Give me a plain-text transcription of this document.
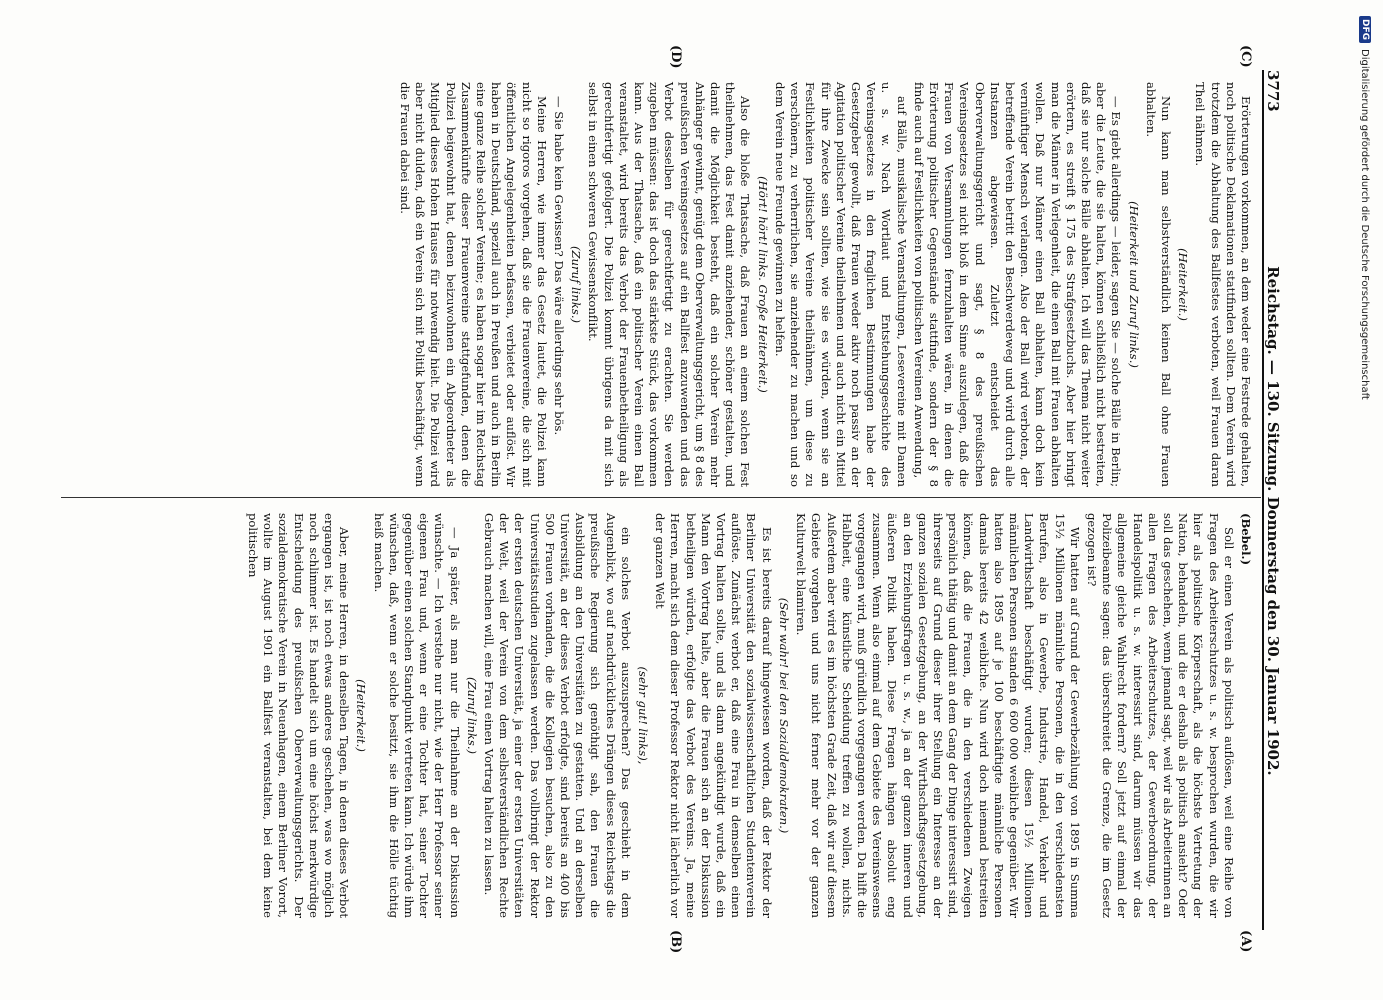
DFG
Digitalisierung gefördert durch die Deutsche Forschungsgemeinschaft
3773
Reichstag. — 130. Sitzung. Donnerstag den 30. Januar 1902.
(C)
(D)
(A)
(B)

Erörterungen vorkommen, an dem weder eine Festrede gehalten, noch politische Deklamationen stattfinden sollten. Dem Verein wird trotzdem die Abhaltung des Ballfestes verboten, weil Frauen daran Theil nähmen.

(Heiterkeit.)

Nun kann man selbstverständlich keinen Ball ohne Frauen abhalten.

(Heiterkeit und Zuruf links.)

— Es giebt allerdings — leider, sagen Sie — solche Bälle in Berlin; aber die Leute, die sie halten, können schließlich nicht bestreiten, daß sie nur solche Bälle abhalten. Ich will das Thema nicht weiter erörtern, es streift § 175 des Strafgesetzbuchs. Aber hier bringt man die Männer in Verlegenheit, die einen Ball mit Frauen abhalten wollen. Daß nur Männer einen Ball abhalten, kann doch kein vernünftiger Mensch verlangen. Also der Ball wird verboten, der betreffende Verein betritt den Beschwerdeweg und wird durch alle Instanzen abgewiesen. Zuletzt entscheidet das Oberverwaltungsgericht und sagt, § 8 des preußischen Vereinsgesetzes sei nicht bloß in dem Sinne auszulegen, daß die Frauen von Versammlungen fernzuhalten wären, in denen die Erörterung politischer Gegenstände stattfinde, sondern der § 8 finde auch auf Festlichkeiten von politischen Vereinen Anwendung,

auf Bälle, musikalische Veranstaltungen, Lesevereine mit Damen u. s. w. Nach Wortlaut und Entstehungsgeschichte des Vereinsgesetzes in den fraglichen Bestimmungen habe der Gesetzgeber gewollt, daß Frauen weder aktiv noch passiv an der Agitation politischer Vereine theilnehmen und auch nicht ein Mittel für ihre Zwecke sein sollten, wie sie es würden, wenn sie an Festlichkeiten politischer Vereine theilnähmen, um diese zu verschönern, zu verherrlichen, sie anziehender zu machen und so dem Verein neue Freunde gewinnen zu helfen.

(Hört! hört! links. Große Heiterkeit.)

Also die bloße Thatsache, daß Frauen an einem solchen Fest theilnehmen, das Fest damit anziehender, schöner gestalten, und damit die Möglichkeit besteht, daß ein solcher Verein mehr Anhänger gewinnt, genügt dem Oberverwaltungsgericht, um § 8 des preußischen Vereinsgesetzes auf ein Ballfest anzuwenden und das Verbot desselben für gerechtfertigt zu erachten. Sie werden zugeben müssen: das ist doch das stärkste Stück, das vorkommen kann. Aus der Thatsache, daß ein politischer Verein einen Ball veranstaltet, wird bereits das Verbot der Frauenbetheiligung als gerechtfertigt gefolgert. Die Polizei kommt übrigens da mit sich selbst in einen schweren Gewissenskonflikt.

(Zuruf links.)

— Sie habe kein Gewissen? Das wäre allerdings sehr bös.

Meine Herren, wie immer das Gesetz lautet, die Polizei kann nicht so rigoros vorgehen, daß sie die Frauenvereine, die sich mit öffentlichen Angelegenheiten befassen, verbietet oder auflöst. Wir haben in Deutschland, speziell auch in Preußen und auch in Berlin eine ganze Reihe solcher Vereine; es haben sogar hier im Reichstag Zusammenkünfte dieser Frauenvereine stattgefunden, denen die Polizei beigewohnt hat, denen beizuwohnen ein Abgeordneter als Mitglied dieses Hohen Hauses für notwendig hielt. Die Polizei wird aber nicht dulden, daß ein Verein sich mit Politik beschäftigt, wenn die Frauen dabei sind.

(Bebel.)

Soll er einen Verein als politisch auflösen, weil eine Reihe von Fragen des Arbeiterschutzes u. s. w. besprochen wurden, die wir hier als politische Körperschaft, als die höchste Vertretung der Nation, behandeln, und die er deshalb als politisch ansieht? Oder soll das geschehen, wenn jemand sagt, weil wir als Arbeiterinnen an allen Fragen des Arbeiterschutzes, der Gewerbeordnung, der Handelspolitik u. s. w. interessirt sind, darum müssen wir das allgemeine gleiche Wahlrecht fordern? Soll jetzt auf einmal der Polizeibeamte sagen: das überschreitet die Grenze, die im Gesetz gezogen ist?

Wir hatten auf Grund der Gewerbezählung von 1895 in Summa 15½ Millionen männliche Personen, die in den verschiedensten Berufen, also in Gewerbe, Industrie, Handel, Verkehr und Landwirthschaft beschäftigt wurden; diesen 15½ Millionen männlichen Personen standen 6 600 000 weibliche gegenüber. Wir hatten also 1895 auf je 100 beschäftigte männliche Personen damals bereits 42 weibliche. Nun wird doch niemand bestreiten können, daß die Frauen, die in den verschiedenen Zweigen persönlich thätig und damit an dem Gang der Dinge interessirt sind, ihrerseits auf Grund dieser ihrer Stellung ein Interesse an der ganzen sozialen Gesetzgebung, an der Wirthschaftsgesetzgebung, an den Erziehungsfragen u. s. w., ja an der ganzen inneren und äußeren Politik haben. Diese Fragen hängen absolut eng zusammen. Wenn also einmal auf dem Gebiete des Vereinswesens vorgegangen wird, muß gründlich vorgegangen werden. Da hilft die Halbheit, eine künstliche Scheidung treffen zu wollen, nichts. Außerdem aber wird es im höchsten Grade Zeit, daß wir auf diesem Gebiete vorgehen und uns nicht ferner mehr vor der ganzen Kulturwelt blamiren.

(Sehr wahr! bei den Sozialdemokraten.)

Es ist bereits darauf hingewiesen worden, daß der Rektor der Berliner Universität den sozialwissenschaftlichen Studentenverein auflöste. Zunächst verbot er, daß eine Frau in demselben einen Vortrag halten sollte, und als dann angekündigt wurde, daß ein Mann den Vortrag halte, aber die Frauen sich an der Diskussion betheiligen würden, erfolgte das Verbot des Vereins. Ja, meine Herren, macht sich dem dieser Professor Rektor nicht lächerlich vor der ganzen Welt

(sehr gut! links),

ein solches Verbot auszusprechen? Das geschieht in dem Augenblick, wo auf nachdrückliches Drängen dieses Reichstags die preußische Regierung sich genöthigt sah, den Frauen die Ausbildung an den Universitäten zu gestatten. Und an derselben Universität, an der dieses Verbot erfolgte, sind bereits an 400 bis 500 Frauen vorhanden, die die Kollegien besuchen, also zu den Universitätsstudien zugelassen werden. Das vollbringt der Rektor der ersten deutschen Universität, ja einer der ersten Universitäten der Welt, weil der Verein von dem selbstverständlichen Rechte Gebrauch machen will, eine Frau einen Vortrag halten zu lassen.

(Zuruf links.)

— Ja später, als man nur die Theilnahme an der Diskussion wünschte. — Ich verstehe nur nicht, wie der Herr Professor seiner eigenen Frau und, wenn er eine Tochter hat, seiner Tochter gegenüber einen solchen Standpunkt vertreten kann. Ich würde ihm wünschen, daß, wenn er solche besitzt, sie ihm die Hölle tüchtig heiß machen.

(Heiterkeit.)

Aber, meine Herren, in denselben Tagen, in denen dieses Verbot ergangen ist, ist noch etwas anderes geschehen, was wo möglich noch schlimmer ist. Es handelt sich um eine höchst merkwürdige Entscheidung des preußischen Oberverwaltungsgerichts. Der sozialdemokratische Verein in Neuenhagen, einem Berliner Vorort, wollte im August 1901 ein Ballfest veranstalten, bei dem keine politischen
